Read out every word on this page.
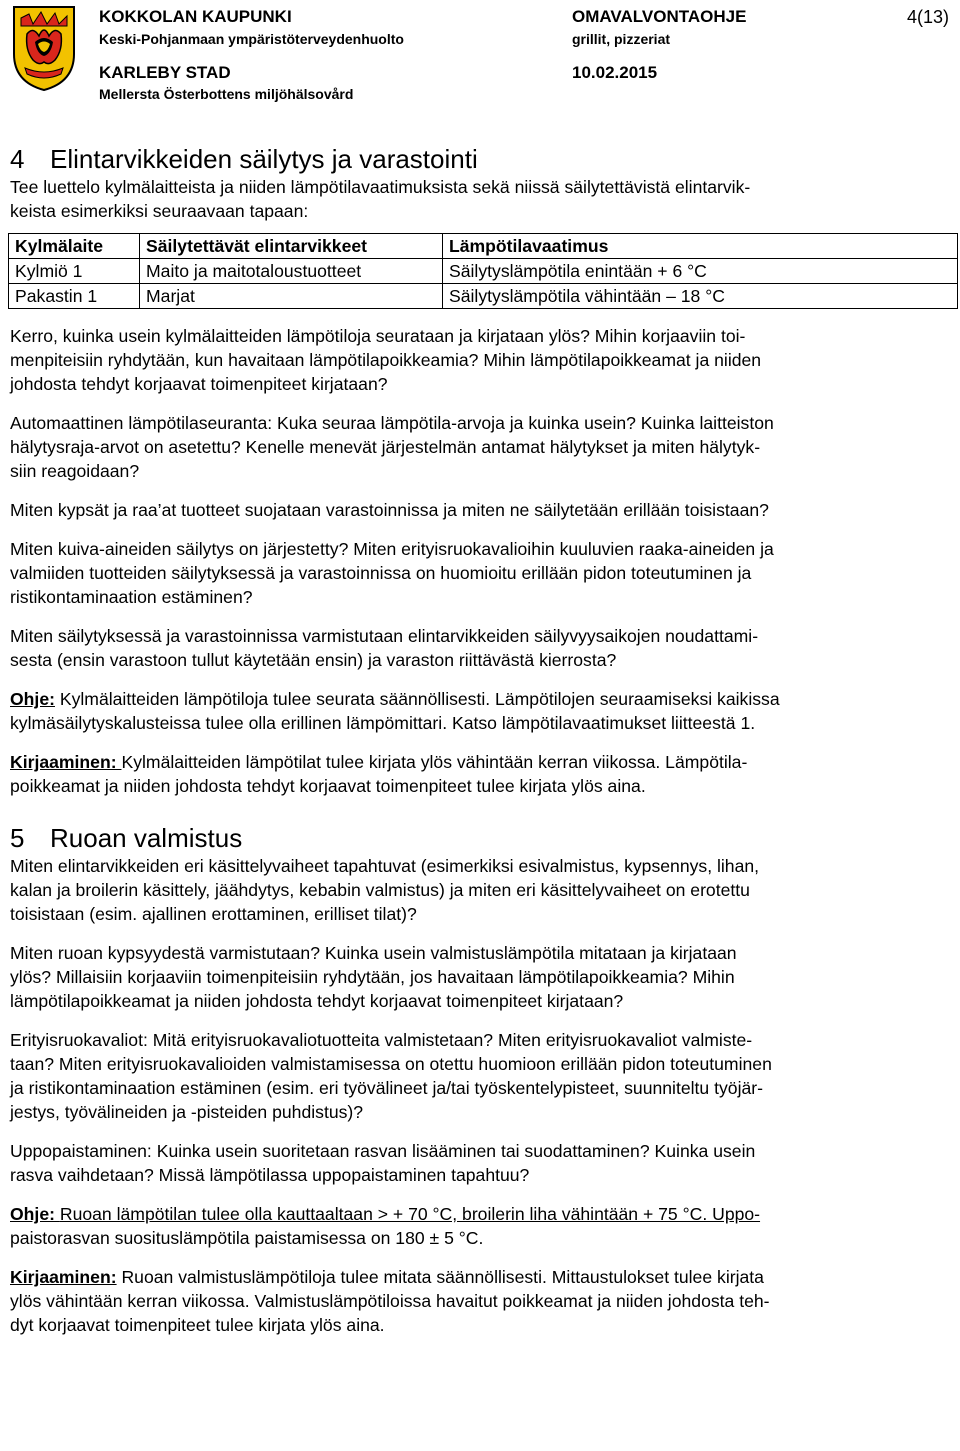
KOKKOLAN KAUPUNKI
Keski-Pohjanmaan ympäristöterveydenhuolto
KARLEBY STAD
Mellersta Österbottens miljöhälsovård
OMAVALVONTAOHJE
grillit, pizzeriat
10.02.2015
4(13)
4 Elintarvikkeiden säilytys ja varastointi

Tee luettelo kylmälaitteista ja niiden lämpötilavaatimuksista sekä niissä säilytettävistä elintarvik-
keista esimerkiksi seuraavaan tapaan:

Kylmälaite	Säilytettävät elintarvikkeet	Lämpötilavaatimus
Kylmiö 1	Maito ja maitotaloustuotteet	Säilytyslämpötila enintään + 6 °C
Pakastin 1	Marjat	Säilytyslämpötila vähintään – 18 °C

Kerro, kuinka usein kylmälaitteiden lämpötiloja seurataan ja kirjataan ylös? Mihin korjaaviin toi-
menpiteisiin ryhdytään, kun havaitaan lämpötilapoikkeamia? Mihin lämpötilapoikkeamat ja niiden
johdosta tehdyt korjaavat toimenpiteet kirjataan?

Automaattinen lämpötilaseuranta: Kuka seuraa lämpötila-arvoja ja kuinka usein? Kuinka laitteiston
hälytysraja-arvot on asetettu? Kenelle menevät järjestelmän antamat hälytykset ja miten hälytyk-
siin reagoidaan?

Miten kypsät ja raa’at tuotteet suojataan varastoinnissa ja miten ne säilytetään erillään toisistaan?

Miten kuiva-aineiden säilytys on järjestetty? Miten erityisruokavalioihin kuuluvien raaka-aineiden ja
valmiiden tuotteiden säilytyksessä ja varastoinnissa on huomioitu erillään pidon toteutuminen ja
ristikontaminaation estäminen?

Miten säilytyksessä ja varastoinnissa varmistutaan elintarvikkeiden säilyvyysaikojen noudattami-
sesta (ensin varastoon tullut käytetään ensin) ja varaston riittävästä kierrosta?

Ohje: Kylmälaitteiden lämpötiloja tulee seurata säännöllisesti. Lämpötilojen seuraamiseksi kaikissa
kylmäsäilytyskalusteissa tulee olla erillinen lämpömittari. Katso lämpötilavaatimukset liitteestä 1.

Kirjaaminen: Kylmälaitteiden lämpötilat tulee kirjata ylös vähintään kerran viikossa. Lämpötila-
poikkeamat ja niiden johdosta tehdyt korjaavat toimenpiteet tulee kirjata ylös aina.

5 Ruoan valmistus

Miten elintarvikkeiden eri käsittelyvaiheet tapahtuvat (esimerkiksi esivalmistus, kypsennys, lihan,
kalan ja broilerin käsittely, jäähdytys, kebabin valmistus) ja miten eri käsittelyvaiheet on erotettu
toisistaan (esim. ajallinen erottaminen, erilliset tilat)?

Miten ruoan kypsyydestä varmistutaan? Kuinka usein valmistuslämpötila mitataan ja kirjataan
ylös? Millaisiin korjaaviin toimenpiteisiin ryhdytään, jos havaitaan lämpötilapoikkeamia? Mihin
lämpötilapoikkeamat ja niiden johdosta tehdyt korjaavat toimenpiteet kirjataan?

Erityisruokavaliot: Mitä erityisruokavaliotuotteita valmistetaan? Miten erityisruokavaliot valmiste-
taan? Miten erityisruokavalioiden valmistamisessa on otettu huomioon erillään pidon toteutuminen
ja ristikontaminaation estäminen (esim. eri työvälineet ja/tai työskentelypisteet, suunniteltu työjär-
jestys, työvälineiden ja -pisteiden puhdistus)?

Uppopaistaminen: Kuinka usein suoritetaan rasvan lisääminen tai suodattaminen? Kuinka usein
rasva vaihdetaan? Missä lämpötilassa uppopaistaminen tapahtuu?

Ohje: Ruoan lämpötilan tulee olla kauttaaltaan > + 70 °C, broilerin liha vähintään + 75 °C. Uppo-
paistorasvan suosituslämpötila paistamisessa on 180 ± 5 °C.

Kirjaaminen: Ruoan valmistuslämpötiloja tulee mitata säännöllisesti. Mittaustulokset tulee kirjata
ylös vähintään kerran viikossa. Valmistuslämpötiloissa havaitut poikkeamat ja niiden johdosta teh-
dyt korjaavat toimenpiteet tulee kirjata ylös aina.
